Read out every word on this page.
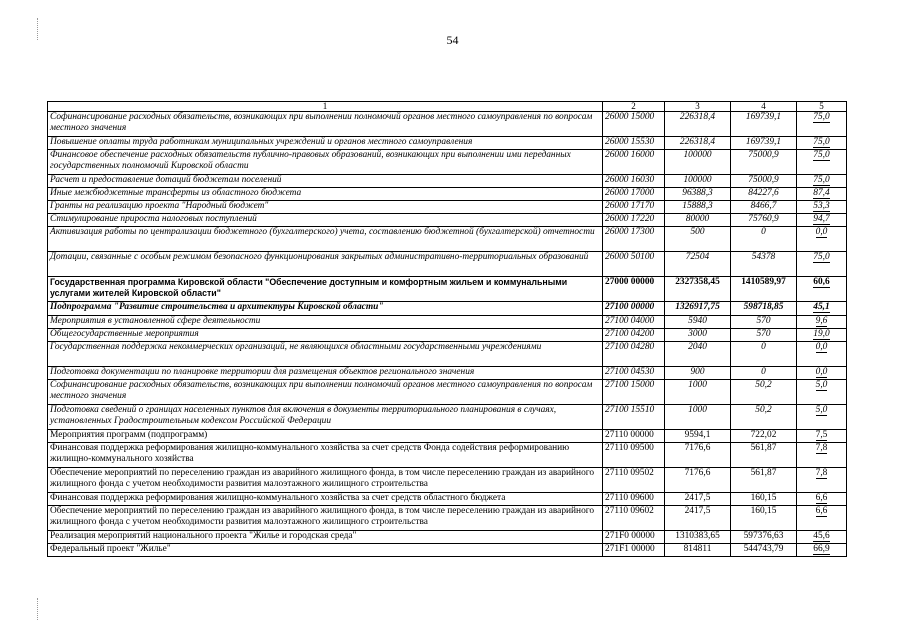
54
1	2	3	4	5
Софинансирование расходных обязательств, возникающих при выполнении полномочий органов местного самоуправления по вопросам местного значения	26000 15000	226318,4	169739,1	75,0
Повышение оплаты труда работникам муниципальных учреждений и органов местного самоуправления	26000 15530	226318,4	169739,1	75,0
Финансовое обеспечение расходных обязательств публично-правовых образований, возникающих при выполнении ими переданных государственных полномочий Кировской области	26000 16000	100000	75000,9	75,0
Расчет и предоставление дотаций бюджетам поселений	26000 16030	100000	75000,9	75,0
Иные межбюджетные трансферты из областного бюджета	26000 17000	96388,3	84227,6	87,4
Гранты на реализацию проекта "Народный бюджет"	26000 17170	15888,3	8466,7	53,3
Стимулирование прироста налоговых поступлений	26000 17220	80000	75760,9	94,7
Активизация работы по централизации бюджетного (бухгалтерского) учета, составлению бюджетной (бухгалтерской) отчетности	26000 17300	500	0	0,0
Дотации, связанные с особым режимом безопасного функционирования закрытых административно-территориальных образований	26000 50100	72504	54378	75,0
Государственная программа Кировской области "Обеспечение доступным и комфортным жильем и коммунальными услугами жителей Кировской области"	27000 00000	2327358,45	1410589,97	60,6
Подпрограмма "Развитие строительства и архитектуры Кировской области"	27100 00000	1326917,75	598718,85	45,1
Мероприятия в установленной сфере деятельности	27100 04000	5940	570	9,6
Общегосударственные мероприятия	27100 04200	3000	570	19,0
Государственная поддержка некоммерческих организаций, не являющихся областными государственными учреждениями	27100 04280	2040	0	0,0
Подготовка документации по планировке территории для размещения объектов регионального значения	27100 04530	900	0	0,0
Софинансирование расходных обязательств, возникающих при выполнении полномочий органов местного самоуправления по вопросам местного значения	27100 15000	1000	50,2	5,0
Подготовка сведений о границах населенных пунктов для включения в документы территориального планирования в случаях, установленных Градостроительным кодексом Российской Федерации	27100 15510	1000	50,2	5,0
Мероприятия программ (подпрограмм)	27110 00000	9594,1	722,02	7,5
Финансовая поддержка реформирования жилищно-коммунального хозяйства за счет средств Фонда содействия реформированию жилищно-коммунального хозяйства	27110 09500	7176,6	561,87	7,8
Обеспечение мероприятий по переселению граждан из аварийного жилищного фонда, в том числе переселению граждан из аварийного жилищного фонда с учетом необходимости развития малоэтажного жилищного строительства	27110 09502	7176,6	561,87	7,8
Финансовая поддержка реформирования жилищно-коммунального хозяйства за счет средств областного бюджета	27110 09600	2417,5	160,15	6,6
Обеспечение мероприятий по переселению граждан из аварийного жилищного фонда, в том числе переселению граждан из аварийного жилищного фонда с учетом необходимости развития малоэтажного жилищного строительства	27110 09602	2417,5	160,15	6,6
Реализация мероприятий национального проекта "Жилье и городская среда"	271F0 00000	1310383,65	597376,63	45,6
Федеральный проект "Жилье"	271F1 00000	814811	544743,79	66,9
